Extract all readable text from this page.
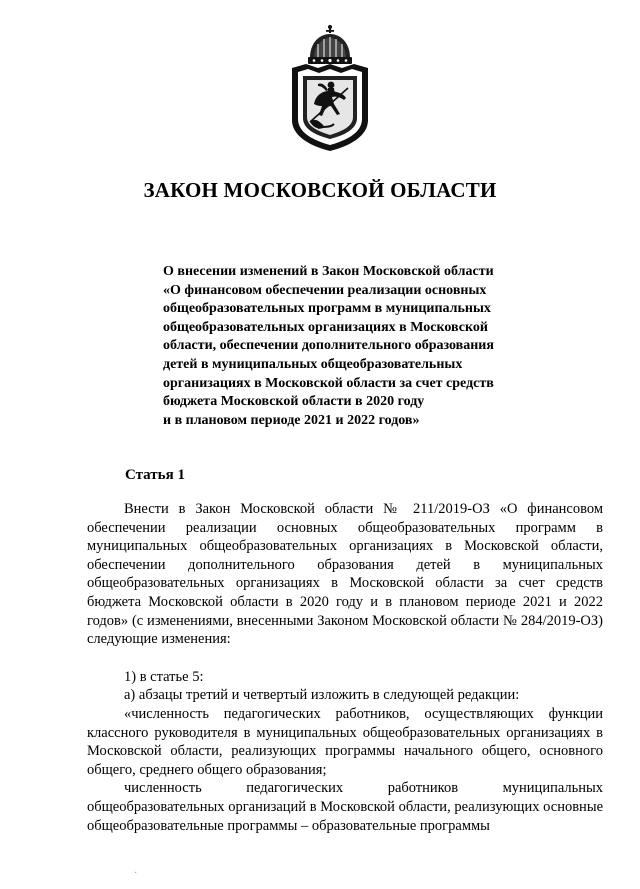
ЗАКОН МОСКОВСКОЙ ОБЛАСТИ
О внесении изменений в Закон Московской области
«О финансовом обеспечении реализации основных
общеобразовательных программ в муниципальных
общеобразовательных организациях в Московской
области, обеспечении дополнительного образования
детей в муниципальных общеобразовательных
организациях в Московской области за счет средств
бюджета Московской области в 2020 году
и в плановом периоде 2021 и 2022 годов»
Статья 1

Внести в Закон Московской области № 211/2019-ОЗ «О финансовом обеспечении реализации основных общеобразовательных программ в муниципальных общеобразовательных организациях в Московской области, обеспечении дополнительного образования детей в муниципальных общеобразовательных организациях в Московской области за счет средств бюджета Московской области в 2020 году и в плановом периоде 2021 и 2022 годов» (с изменениями, внесенными Законом Московской области № 284/2019-ОЗ) следующие изменения:

1) в статье 5:

а) абзацы третий и четвертый изложить в следующей редакции:

«численность педагогических работников, осуществляющих функции классного руководителя в муниципальных общеобразовательных организациях в Московской области, реализующих программы начального общего, основного общего, среднего общего образования;

численность педагогических работников муниципальных общеобразовательных организаций в Московской области, реализующих основные общеобразовательные программы – образовательные программы

·
